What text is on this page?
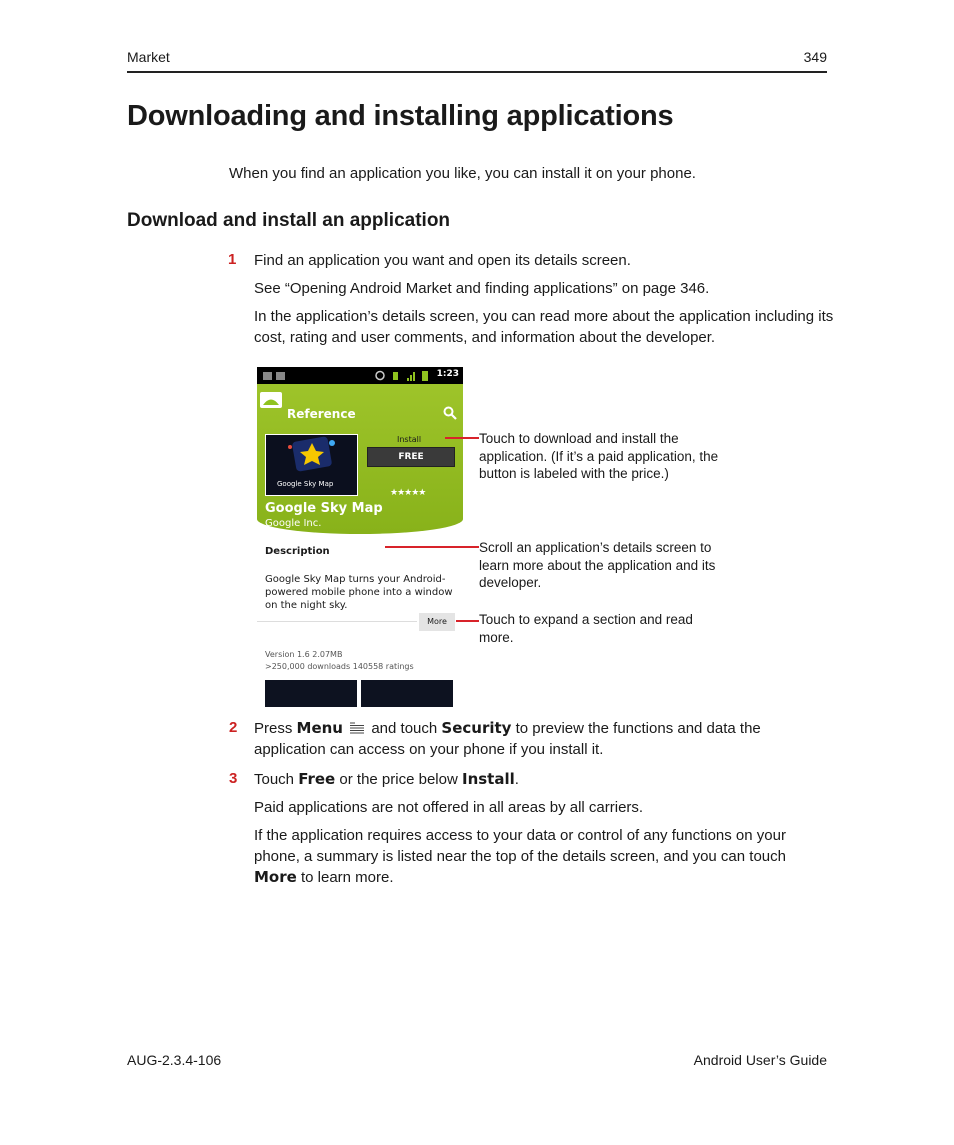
Market	349
Downloading and installing applications
When you find an application you like, you can install it on your phone.
Download and install an application
1 Find an application you want and open its details screen.
See “Opening Android Market and finding applications” on page 346.
In the application’s details screen, you can read more about the application including its cost, rating and user comments, and information about the developer.
1:23
Reference
Google Sky Map
Install
FREE
★★★★★
Google Sky Map
Google Inc.
Description
Google Sky Map turns your Android-powered mobile phone into a window on the night sky.
More
Version 1.6 2.07MB
>250,000 downloads 140558 ratings
Touch to download and install the application. (If it’s a paid application, the button is labeled with the price.)
Scroll an application’s details screen to learn more about the application and its developer.
Touch to expand a section and read more.
2 Press Menu and touch Security to preview the functions and data the application can access on your phone if you install it.
3 Touch Free or the price below Install.
Paid applications are not offered in all areas by all carriers.
If the application requires access to your data or control of any functions on your phone, a summary is listed near the top of the details screen, and you can touch More to learn more.
AUG-2.3.4-106	Android User’s Guide
